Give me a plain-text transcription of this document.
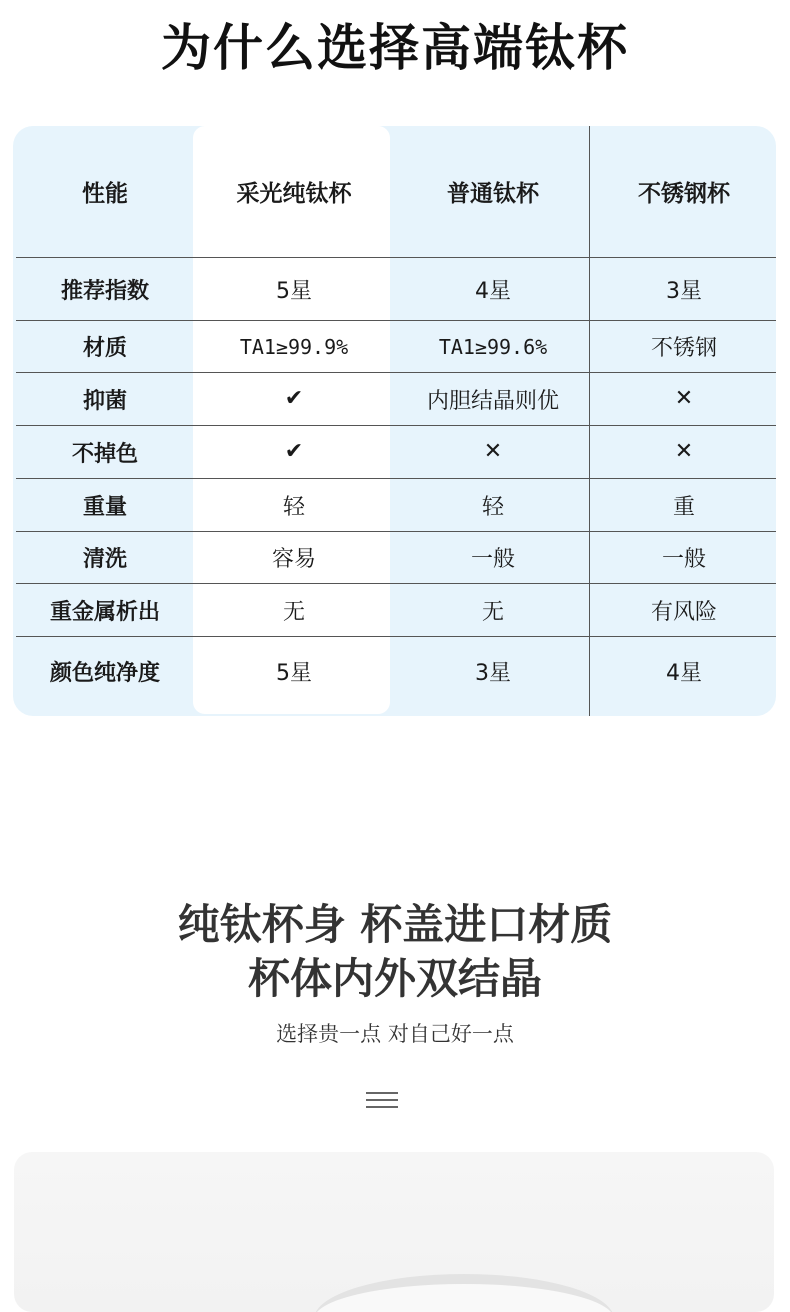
为什么选择高端钛杯
性能	采光纯钛杯	普通钛杯	不锈钢杯
推荐指数	5星	4星	3星
材质	TA1≥99.9%	TA1≥99.6%	不锈钢
抑菌	✔	内胆结晶则优	✕
不掉色	✔	✕	✕
重量	轻	轻	重
清洗	容易	一般	一般
重金属析出	无	无	有风险
颜色纯净度	5星	3星	4星
纯钛杯身 杯盖进口材质
杯体内外双结晶

选择贵一点 对自己好一点
